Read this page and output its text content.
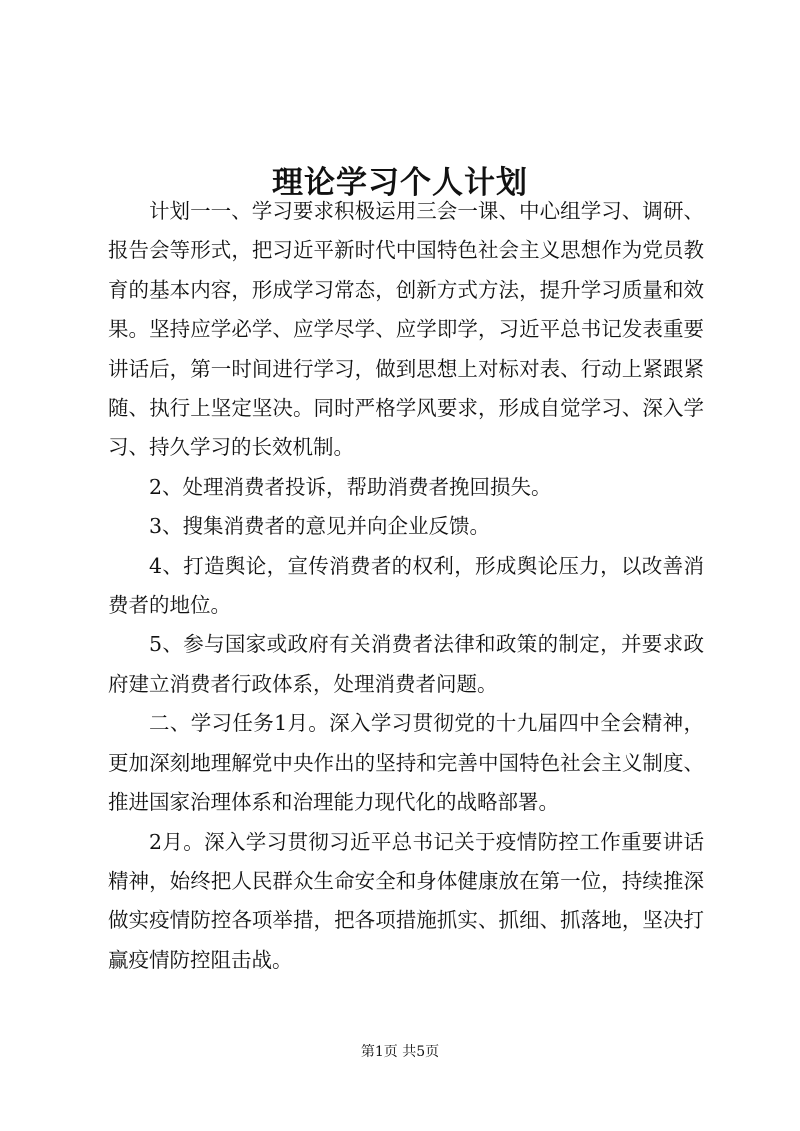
理论学习个人计划

计划一一、学习要求积极运用三会一课、中心组学习、调研、报告会等形式，把习近平新时代中国特色社会主义思想作为党员教育的基本内容，形成学习常态，创新方式方法，提升学习质量和效果。坚持应学必学、应学尽学、应学即学，习近平总书记发表重要讲话后，第一时间进行学习，做到思想上对标对表、行动上紧跟紧随、执行上坚定坚决。同时严格学风要求，形成自觉学习、深入学习、持久学习的长效机制。

2、处理消费者投诉，帮助消费者挽回损失。

3、搜集消费者的意见并向企业反馈。

4、打造舆论，宣传消费者的权利，形成舆论压力，以改善消费者的地位。

5、参与国家或政府有关消费者法律和政策的制定，并要求政府建立消费者行政体系，处理消费者问题。

二、学习任务1月。深入学习贯彻党的十九届四中全会精神，更加深刻地理解党中央作出的坚持和完善中国特色社会主义制度、推进国家治理体系和治理能力现代化的战略部署。

2月。深入学习贯彻习近平总书记关于疫情防控工作重要讲话精神，始终把人民群众生命安全和身体健康放在第一位，持续推深做实疫情防控各项举措，把各项措施抓实、抓细、抓落地，坚决打赢疫情防控阻击战。

第1页 共5页
